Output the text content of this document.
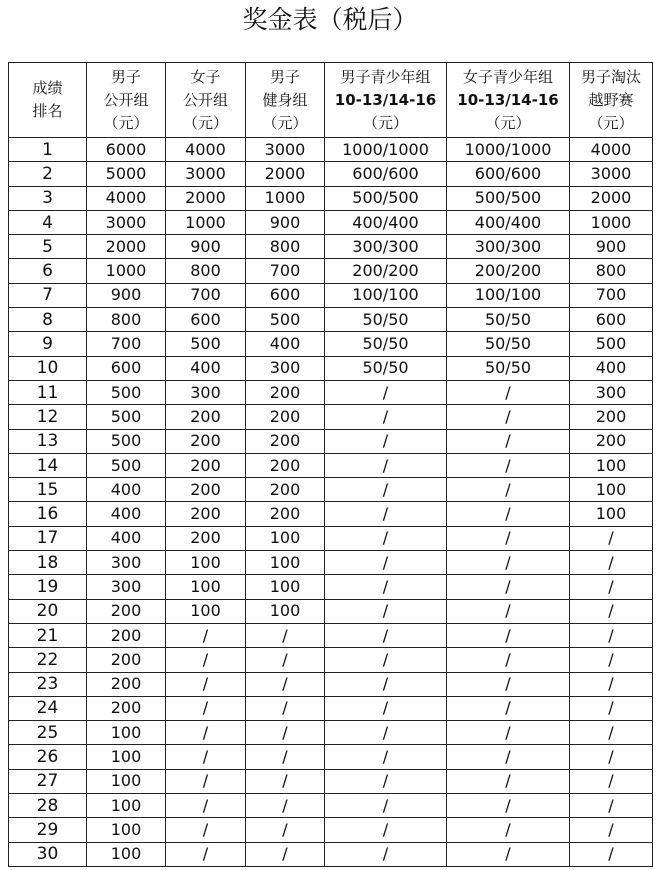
奖金表（税后）
成绩
排名	男子
公开组
（元）	女子
公开组
（元）	男子
健身组
（元）	男子青少年组
10-13/14-16
（元）	女子青少年组
10-13/14-16
（元）	男子淘汰
越野赛
（元）

1	6000	4000	3000	1000/1000	1000/1000	4000
2	5000	3000	2000	600/600	600/600	3000
3	4000	2000	1000	500/500	500/500	2000
4	3000	1000	900	400/400	400/400	1000
5	2000	900	800	300/300	300/300	900
6	1000	800	700	200/200	200/200	800
7	900	700	600	100/100	100/100	700
8	800	600	500	50/50	50/50	600
9	700	500	400	50/50	50/50	500
10	600	400	300	50/50	50/50	400
11	500	300	200	/	/	300
12	500	200	200	/	/	200
13	500	200	200	/	/	200
14	500	200	200	/	/	100
15	400	200	200	/	/	100
16	400	200	200	/	/	100
17	400	200	100	/	/	/
18	300	100	100	/	/	/
19	300	100	100	/	/	/
20	200	100	100	/	/	/
21	200	/	/	/	/	/
22	200	/	/	/	/	/
23	200	/	/	/	/	/
24	200	/	/	/	/	/
25	100	/	/	/	/	/
26	100	/	/	/	/	/
27	100	/	/	/	/	/
28	100	/	/	/	/	/
29	100	/	/	/	/	/
30	100	/	/	/	/	/
